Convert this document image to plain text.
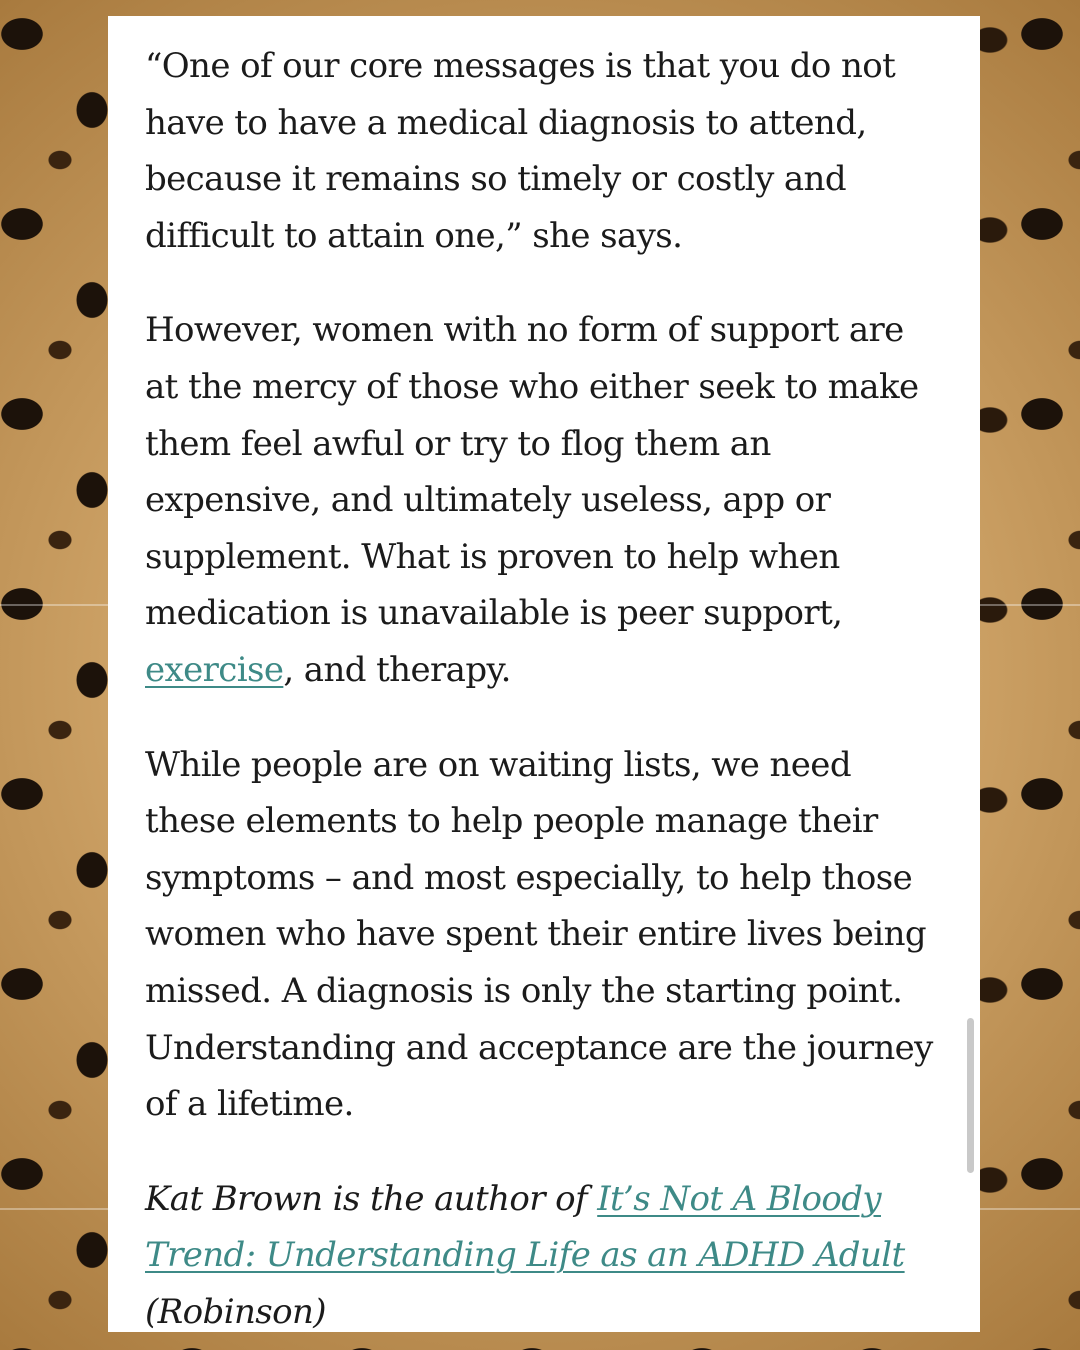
“One of our core messages is that you do not have to have a medical diagnosis to attend, because it remains so timely or costly and difficult to attain one,” she says.

However, women with no form of support are at the mercy of those who either seek to make them feel awful or try to flog them an expensive, and ultimately useless, app or supplement. What is proven to help when medication is unavailable is peer support, exercise, and therapy.

While people are on waiting lists, we need these elements to help people manage their symptoms – and most especially, to help those women who have spent their entire lives being missed. A diagnosis is only the starting point. Understanding and acceptance are the journey of a lifetime.

Kat Brown is the author of It’s Not A Bloody Trend: Understanding Life as an ADHD Adult (Robinson)
